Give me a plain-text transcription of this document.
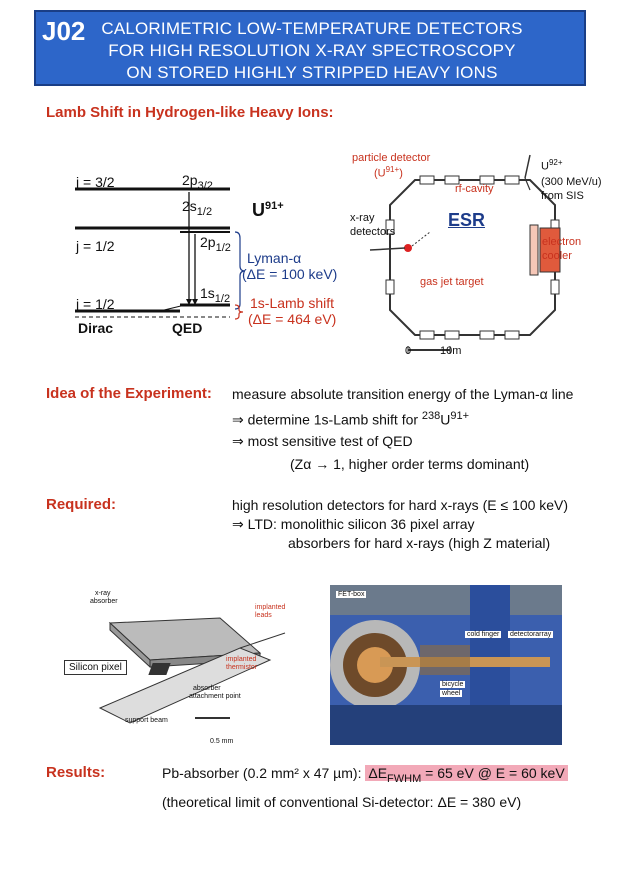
J02 CALORIMETRIC LOW-TEMPERATURE DETECTORS
FOR HIGH RESOLUTION X-RAY SPECTROSCOPY
ON STORED HIGHLY STRIPPED HEAVY IONS
Lamb Shift in Hydrogen-like Heavy Ions:
j = 3/2
j = 1/2
j = 1/2
$2p_{3/2}$
$2s_{1/2}$
$2p_{1/2}$
$1s_{1/2}$
Dirac	QED
$U^{91+}$
Lyman-α
(ΔE = 100 keV)
1s-Lamb shift
(ΔE = 464 eV)
particle detector
$(U^{91+})$
rf-cavity
$U^{92+}$
(300 MeV/u)
from SIS
x-ray
detectors
ESR
electron
cooler
gas jet target
0	10m
Idea of the Experiment: measure absolute transition energy of the Lyman-α line
⇒ determine 1s-Lamb shift for $^{238}U^{91+}$
⇒ most sensitive test of QED
(Zα → 1, higher order terms dominant)
Required:	high resolution detectors for hard x-rays (E ≤ 100 keV)
⇒ LTD: monolithic silicon 36 pixel array
absorbers for hard x-rays (high Z material)
x-ray
absorber
implanted
leads
Silicon pixel
implanted
thermistor
absorber
attachment point
support beam
0.5 mm
FET-box
cold finger detectorarray
bicycle
wheel
Results:	Pb-absorber (0.2 mm² x 47 µm): $\Delta E_{FWHM} = 65$ eV @ E = 60 keV
(theoretical limit of conventional Si-detector: ΔE = 380 eV)
